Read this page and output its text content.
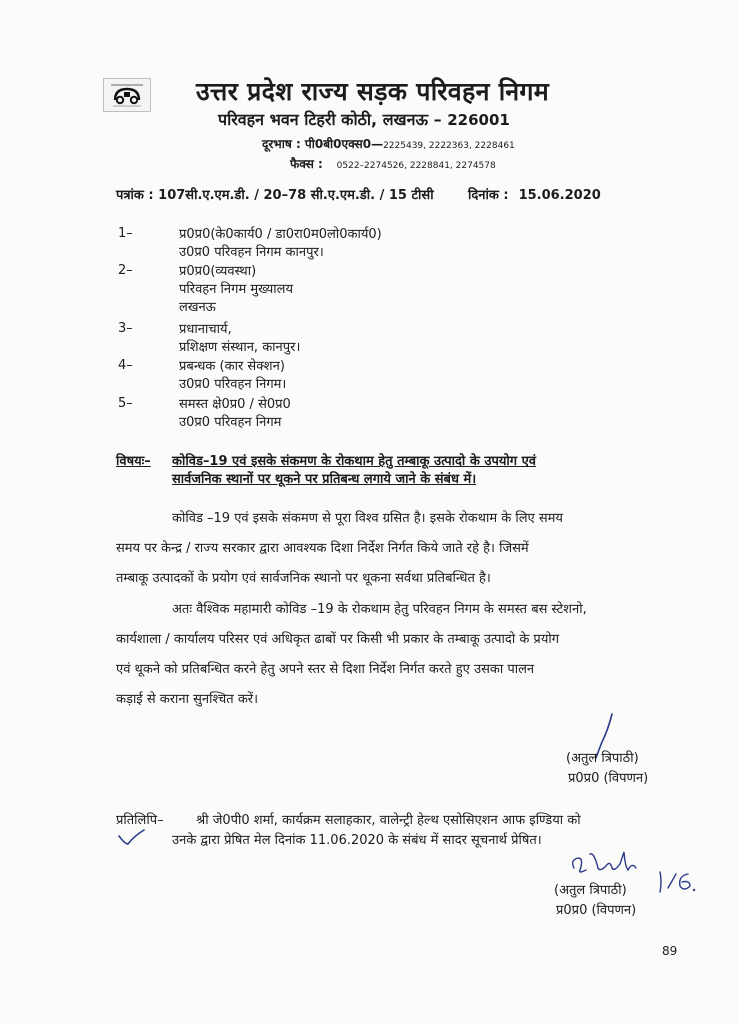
उत्तर प्रदेश राज्य सड़क परिवहन निगम
परिवहन भवन टिहरी कोठी, लखनऊ – 226001
दूरभाष : पी0बी0एक्स0—2225439, 2222363, 2228461
फैक्स : 0522–2274526, 2228841, 2274578
पत्रांक : 107सी.ए.एम.डी. / 20–78 सी.ए.एम.डी. / 15 टीसी	दिनांक : 15.06.2020
1–	प्र0प्र0(के0कार्य0 / डा0रा0म0लो0कार्य0)
उ0प्र0 परिवहन निगम कानपुर।
2–	प्र0प्र0(व्यवस्था)
परिवहन निगम मुख्यालय
लखनऊ
3–	प्रधानाचार्य,
प्रशिक्षण संस्थान, कानपुर।
4–	प्रबन्धक (कार सेक्शन)
उ0प्र0 परिवहन निगम।
5–	समस्त क्षे0प्र0 / से0प्र0
उ0प्र0 परिवहन निगम
विषयः– कोविड–19 एवं इसके संकमण के रोकथाम हेतु तम्बाकू उत्पादो के उपयोग एवं
सार्वजनिक स्थानों पर थूकने पर प्रतिबन्ध लगाये जाने के संबंध में।
कोविड –19 एवं इसके संकमण से पूरा विश्व ग्रसित है। इसके रोकथाम के लिए समय
समय पर केन्द्र / राज्य सरकार द्वारा आवश्यक दिशा निर्देश निर्गत किये जाते रहे है। जिसमें
तम्बाकू उत्पादकों के प्रयोग एवं सार्वजनिक स्थानो पर थूकना सर्वथा प्रतिबन्धित है।
अतः वैश्विक महामारी कोविड –19 के रोकथाम हेतु परिवहन निगम के समस्त बस स्टेशनो,
कार्यशाला / कार्यालय परिसर एवं अधिकृत ढाबों पर किसी भी प्रकार के तम्बाकू उत्पादो के प्रयोग
एवं थूकने को प्रतिबन्धित करने हेतु अपने स्तर से दिशा निर्देश निर्गत करते हुए उसका पालन
कड़ाई से कराना सुनश्चित करें।
(अतुल त्रिपाठी)
प्र0प्र0 (विपणन)
प्रतिलिपि– श्री जे0पी0 शर्मा, कार्यक्रम सलाहकार, वालेन्ट्री हेल्थ एसोसिएशन आफ इण्डिया को
उनके द्वारा प्रेषित मेल दिनांक 11.06.2020 के संबंध में सादर सूचनार्थ प्रेषित।
(अतुल त्रिपाठी)
प्र0प्र0 (विपणन)
89
